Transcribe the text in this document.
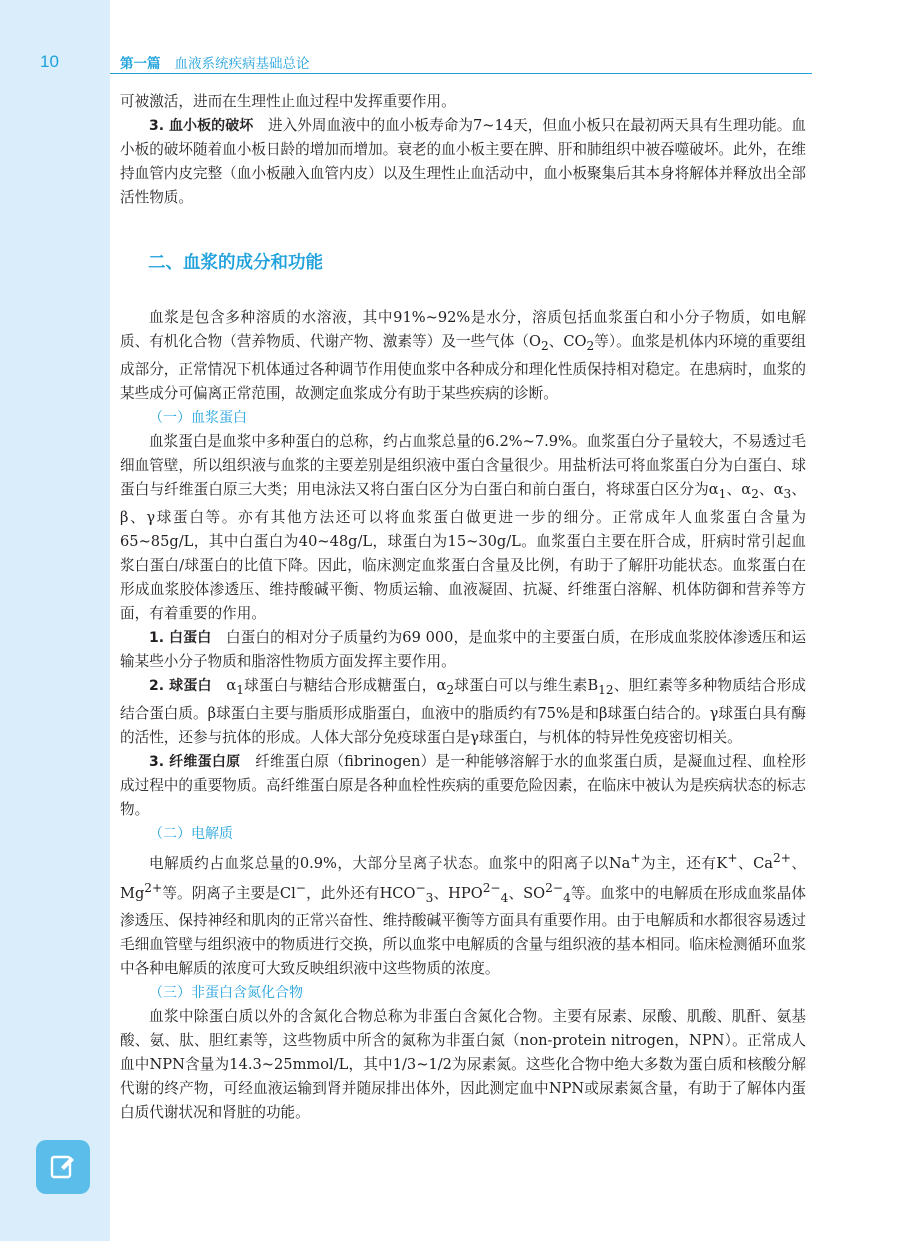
10	第一篇 血液系统疾病基础总论

可被激活，进而在生理性止血过程中发挥重要作用。

3. 血小板的破坏  进入外周血液中的血小板寿命为7~14天，但血小板只在最初两天具有生理功能。血小板的破坏随着血小板日龄的增加而增加。衰老的血小板主要在脾、肝和肺组织中被吞噬破坏。此外，在维持血管内皮完整（血小板融入血管内皮）以及生理性止血活动中，血小板聚集后其本身将解体并释放出全部活性物质。

二、血浆的成分和功能

血浆是包含多种溶质的水溶液，其中91%~92%是水分，溶质包括血浆蛋白和小分子物质，如电解质、有机化合物（营养物质、代谢产物、激素等）及一些气体（$O_2$、$CO_2$等）。血浆是机体内环境的重要组成部分，正常情况下机体通过各种调节作用使血浆中各种成分和理化性质保持相对稳定。在患病时，血浆的某些成分可偏离正常范围，故测定血浆成分有助于某些疾病的诊断。

（一）血浆蛋白

血浆蛋白是血浆中多种蛋白的总称，约占血浆总量的6.2%~7.9%。血浆蛋白分子量较大，不易透过毛细血管壁，所以组织液与血浆的主要差别是组织液中蛋白含量很少。用盐析法可将血浆蛋白分为白蛋白、球蛋白与纤维蛋白原三大类；用电泳法又将白蛋白区分为白蛋白和前白蛋白，将球蛋白区分为$\alpha_1$、$\alpha_2$、$\alpha_3$、β、γ球蛋白等。亦有其他方法还可以将血浆蛋白做更进一步的细分。正常成年人血浆蛋白含量为65~85g/L，其中白蛋白为40~48g/L，球蛋白为15~30g/L。血浆蛋白主要在肝合成，肝病时常引起血浆白蛋白/球蛋白的比值下降。因此，临床测定血浆蛋白含量及比例，有助于了解肝功能状态。血浆蛋白在形成血浆胶体渗透压、维持酸碱平衡、物质运输、血液凝固、抗凝、纤维蛋白溶解、机体防御和营养等方面，有着重要的作用。

1. 白蛋白  白蛋白的相对分子质量约为69 000，是血浆中的主要蛋白质，在形成血浆胶体渗透压和运输某些小分子物质和脂溶性物质方面发挥主要作用。

2. 球蛋白  $\alpha_1$球蛋白与糖结合形成糖蛋白，$\alpha_2$球蛋白可以与维生素$B_{12}$、胆红素等多种物质结合形成结合蛋白质。β球蛋白主要与脂质形成脂蛋白，血液中的脂质约有75%是和β球蛋白结合的。γ球蛋白具有酶的活性，还参与抗体的形成。人体大部分免疫球蛋白是γ球蛋白，与机体的特异性免疫密切相关。

3. 纤维蛋白原  纤维蛋白原（fibrinogen）是一种能够溶解于水的血浆蛋白质，是凝血过程、血栓形成过程中的重要物质。高纤维蛋白原是各种血栓性疾病的重要危险因素，在临床中被认为是疾病状态的标志物。

（二）电解质

电解质约占血浆总量的0.9%，大部分呈离子状态。血浆中的阳离子以Na+为主，还有K+、$Ca^{2+}$、$Mg^{2+}$等。阴离子主要是Cl−，此外还有$HCO^-_3$、$HPO^{2-}_4$、$SO^{2-}_4$等。血浆中的电解质在形成血浆晶体渗透压、保持神经和肌肉的正常兴奋性、维持酸碱平衡等方面具有重要作用。由于电解质和水都很容易透过毛细血管壁与组织液中的物质进行交换，所以血浆中电解质的含量与组织液的基本相同。临床检测循环血浆中各种电解质的浓度可大致反映组织液中这些物质的浓度。

（三）非蛋白含氮化合物

血浆中除蛋白质以外的含氮化合物总称为非蛋白含氮化合物。主要有尿素、尿酸、肌酸、肌酐、氨基酸、氨、肽、胆红素等，这些物质中所含的氮称为非蛋白氮（non-protein nitrogen，NPN）。正常成人血中NPN含量为14.3~25mmol/L，其中1/3~1/2为尿素氮。这些化合物中绝大多数为蛋白质和核酸分解代谢的终产物，可经血液运输到肾并随尿排出体外，因此测定血中NPN或尿素氮含量，有助于了解体内蛋白质代谢状况和肾脏的功能。
